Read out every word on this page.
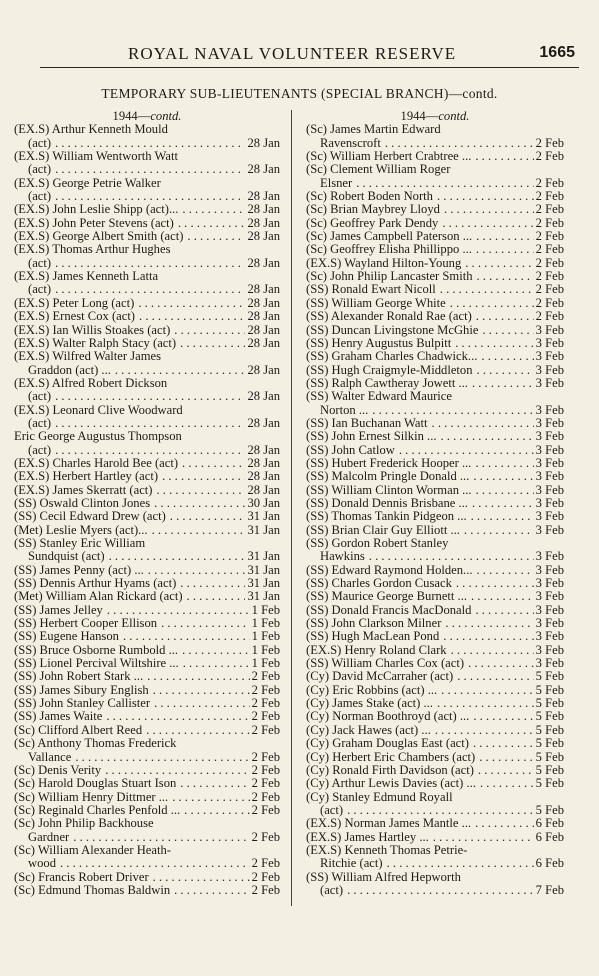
ROYAL NAVAL VOLUNTEER RESERVE	1665
TEMPORARY SUB-LIEUTENANTS (SPECIAL BRANCH)—contd.
1944—contd.
(EX.S) Arthur Kenneth Mould
(act) . . .	28 Jan
(EX.S) William Wentworth Watt
(act) . . .	28 Jan
(EX.S) George Petrie Walker
(act) . . .	28 Jan
(EX.S) John Leslie Shipp (act)... . . .	28 Jan
(EX.S) John Peter Stevens (act) . . .	28 Jan
(EX.S) George Albert Smith (act) . . .	28 Jan
(EX.S) Thomas Arthur Hughes
(act) . . .	28 Jan
(EX.S) James Kenneth Latta
(act) . . .	28 Jan
(EX.S) Peter Long (act) . . .	28 Jan
(EX.S) Ernest Cox (act) . . .	28 Jan
(EX.S) Ian Willis Stoakes (act) . . .	28 Jan
(EX.S) Walter Ralph Stacy (act) . . .	28 Jan
(EX.S) Wilfred Walter James
Graddon (act) ... . . .	28 Jan
(EX.S) Alfred Robert Dickson
(act) . . .	28 Jan
(EX.S) Leonard Clive Woodward
(act) . . .	28 Jan
Eric George Augustus Thompson
(act) . . .	28 Jan
(EX.S) Charles Harold Bee (act) . . .	28 Jan
(EX.S) Herbert Hartley (act) . . .	28 Jan
(EX.S) James Skerratt (act) . . .	28 Jan
(SS) Oswald Clinton Jones . . .	30 Jan
(SS) Cecil Edward Drew (act) . . .	31 Jan
(Met) Leslie Myers (act)... . . .	31 Jan
(SS) Stanley Eric William
Sundquist (act) . . .	31 Jan
(SS) James Penny (act) ... . . .	31 Jan
(SS) Dennis Arthur Hyams (act) . . .	31 Jan
(Met) William Alan Rickard (act) . . .	31 Jan
(SS) James Jelley . . .	1 Feb
(SS) Herbert Cooper Ellison . . .	1 Feb
(SS) Eugene Hanson . . .	1 Feb
(SS) Bruce Osborne Rumbold ... . . .	1 Feb
(SS) Lionel Percival Wiltshire ... . . .	1 Feb
(SS) John Robert Stark ... . . .	2 Feb
(SS) James Sibury English . . .	2 Feb
(SS) John Stanley Callister . . .	2 Feb
(SS) James Waite . . .	2 Feb
(Sc) Clifford Albert Reed . . .	2 Feb
(Sc) Anthony Thomas Frederick
Vallance . . .	2 Feb
(Sc) Denis Verity . . .	2 Feb
(Sc) Harold Douglas Stuart Ison . . .	2 Feb
(Sc) William Henry Dittmer ... . . .	2 Feb
(Sc) Reginald Charles Penfold ... . . .	2 Feb
(Sc) John Philip Backhouse
Gardner . . .	2 Feb
(Sc) William Alexander Heath-
wood . . .	2 Feb
(Sc) Francis Robert Driver . . .	2 Feb
(Sc) Edmund Thomas Baldwin . . .	2 Feb
1944—contd.
(Sc) James Martin Edward
Ravenscroft . . .	2 Feb
(Sc) William Herbert Crabtree ... . . .	2 Feb
(Sc) Clement William Roger
Elsner . . .	2 Feb
(Sc) Robert Boden North . . .	2 Feb
(Sc) Brian Maybrey Lloyd . . .	2 Feb
(Sc) Geoffrey Park Dendy . . .	2 Feb
(Sc) James Campbell Paterson ... . . .	2 Feb
(Sc) Geoffrey Elisha Phillippo ... . . .	2 Feb
(EX.S) Wayland Hilton-Young . . .	2 Feb
(Sc) John Philip Lancaster Smith . . .	2 Feb
(SS) Ronald Ewart Nicoll . . .	2 Feb
(SS) William George White . . .	2 Feb
(SS) Alexander Ronald Rae (act) . . .	2 Feb
(SS) Duncan Livingstone McGhie . . .	3 Feb
(SS) Henry Augustus Bulpitt . . .	3 Feb
(SS) Graham Charles Chadwick... . . .	3 Feb
(SS) Hugh Craigmyle-Middleton . . .	3 Feb
(SS) Ralph Cawtheray Jowett ... . . .	3 Feb
(SS) Walter Edward Maurice
Norton ... . . .	3 Feb
(SS) Ian Buchanan Watt . . .	3 Feb
(SS) John Ernest Silkin ... . . .	3 Feb
(SS) John Catlow . . .	3 Feb
(SS) Hubert Frederick Hooper ... . . .	3 Feb
(SS) Malcolm Pringle Donald ... . . .	3 Feb
(SS) William Clinton Worman ... . . .	3 Feb
(SS) Donald Dennis Brisbane ... . . .	3 Feb
(SS) Thomas Tankin Pidgeon ... . . .	3 Feb
(SS) Brian Clair Guy Elliott ... . . .	3 Feb
(SS) Gordon Robert Stanley
Hawkins . . .	3 Feb
(SS) Edward Raymond Holden... . . .	3 Feb
(SS) Charles Gordon Cusack . . .	3 Feb
(SS) Maurice George Burnett ... . . .	3 Feb
(SS) Donald Francis MacDonald . . .	3 Feb
(SS) John Clarkson Milner . . .	3 Feb
(SS) Hugh MacLean Pond . . .	3 Feb
(EX.S) Henry Roland Clark . . .	3 Feb
(SS) William Charles Cox (act) . . .	3 Feb
(Cy) David McCarraher (act) . . .	5 Feb
(Cy) Eric Robbins (act) ... . . .	5 Feb
(Cy) James Stake (act) ... . . .	5 Feb
(Cy) Norman Boothroyd (act) ... . . .	5 Feb
(Cy) Jack Hawes (act) ... . . .	5 Feb
(Cy) Graham Douglas East (act) . . .	5 Feb
(Cy) Herbert Eric Chambers (act) . . .	5 Feb
(Cy) Ronald Firth Davidson (act) . . .	5 Feb
(Cy) Arthur Lewis Davies (act) ... . . .	5 Feb
(Cy) Stanley Edmund Royall
(act) . . .	5 Feb
(EX.S) Norman James Mantle ... . . .	6 Feb
(EX.S) James Hartley ... . . .	6 Feb
(EX.S) Kenneth Thomas Petrie-
Ritchie (act) . . .	6 Feb
(SS) William Alfred Hepworth
(act) . . .	7 Feb
